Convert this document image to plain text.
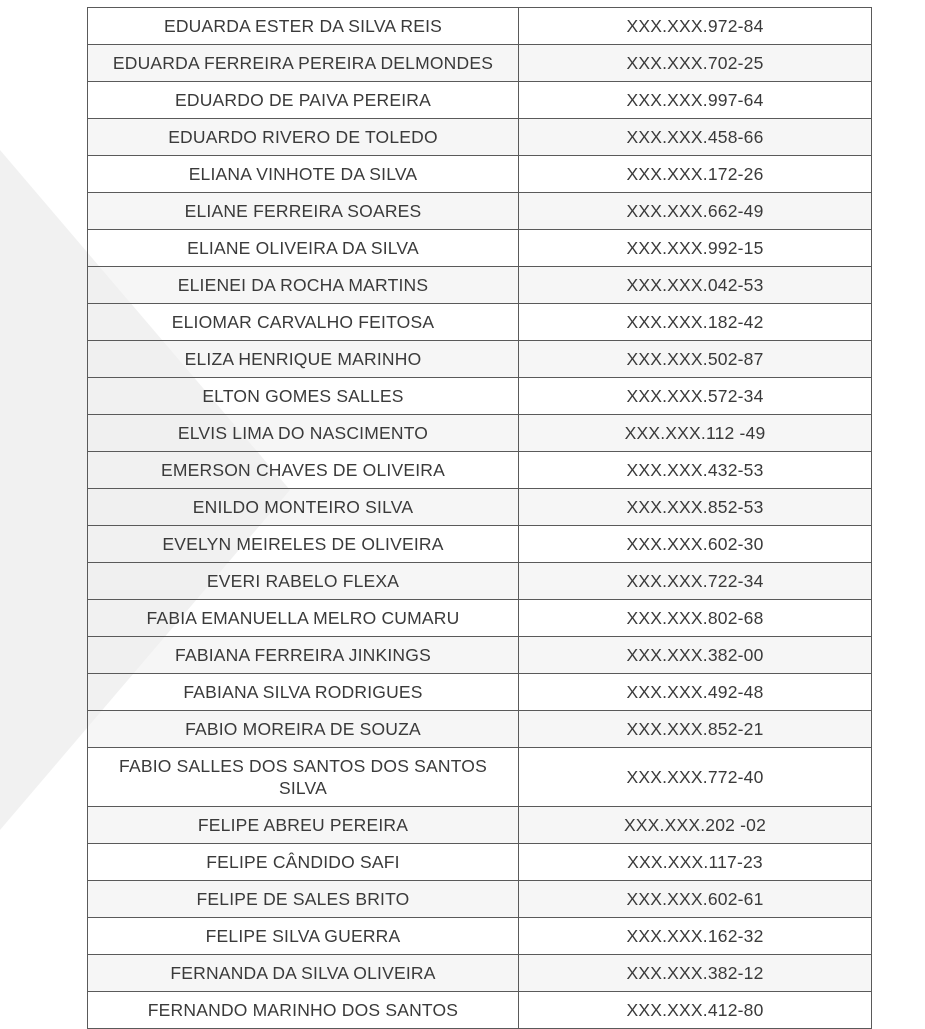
EDUARDA ESTER DA SILVA REIS	XXX.XXX.972-84
EDUARDA FERREIRA PEREIRA DELMONDES	XXX.XXX.702-25
EDUARDO DE PAIVA PEREIRA	XXX.XXX.997-64
EDUARDO RIVERO DE TOLEDO	XXX.XXX.458-66
ELIANA VINHOTE DA SILVA	XXX.XXX.172-26
ELIANE FERREIRA SOARES	XXX.XXX.662-49
ELIANE OLIVEIRA DA SILVA	XXX.XXX.992-15
ELIENEI DA ROCHA MARTINS	XXX.XXX.042-53
ELIOMAR CARVALHO FEITOSA	XXX.XXX.182-42
ELIZA HENRIQUE MARINHO	XXX.XXX.502-87
ELTON GOMES SALLES	XXX.XXX.572-34
ELVIS LIMA DO NASCIMENTO	XXX.XXX.112 -49
EMERSON CHAVES DE OLIVEIRA	XXX.XXX.432-53
ENILDO MONTEIRO SILVA	XXX.XXX.852-53
EVELYN MEIRELES DE OLIVEIRA	XXX.XXX.602-30
EVERI RABELO FLEXA	XXX.XXX.722-34
FABIA EMANUELLA MELRO CUMARU	XXX.XXX.802-68
FABIANA FERREIRA JINKINGS	XXX.XXX.382-00
FABIANA SILVA RODRIGUES	XXX.XXX.492-48
FABIO MOREIRA DE SOUZA	XXX.XXX.852-21
FABIO SALLES DOS SANTOS DOS SANTOS SILVA	XXX.XXX.772-40
FELIPE ABREU PEREIRA	XXX.XXX.202 -02
FELIPE CÂNDIDO SAFI	XXX.XXX.117-23
FELIPE DE SALES BRITO	XXX.XXX.602-61
FELIPE SILVA GUERRA	XXX.XXX.162-32
FERNANDA DA SILVA OLIVEIRA	XXX.XXX.382-12
FERNANDO MARINHO DOS SANTOS	XXX.XXX.412-80
